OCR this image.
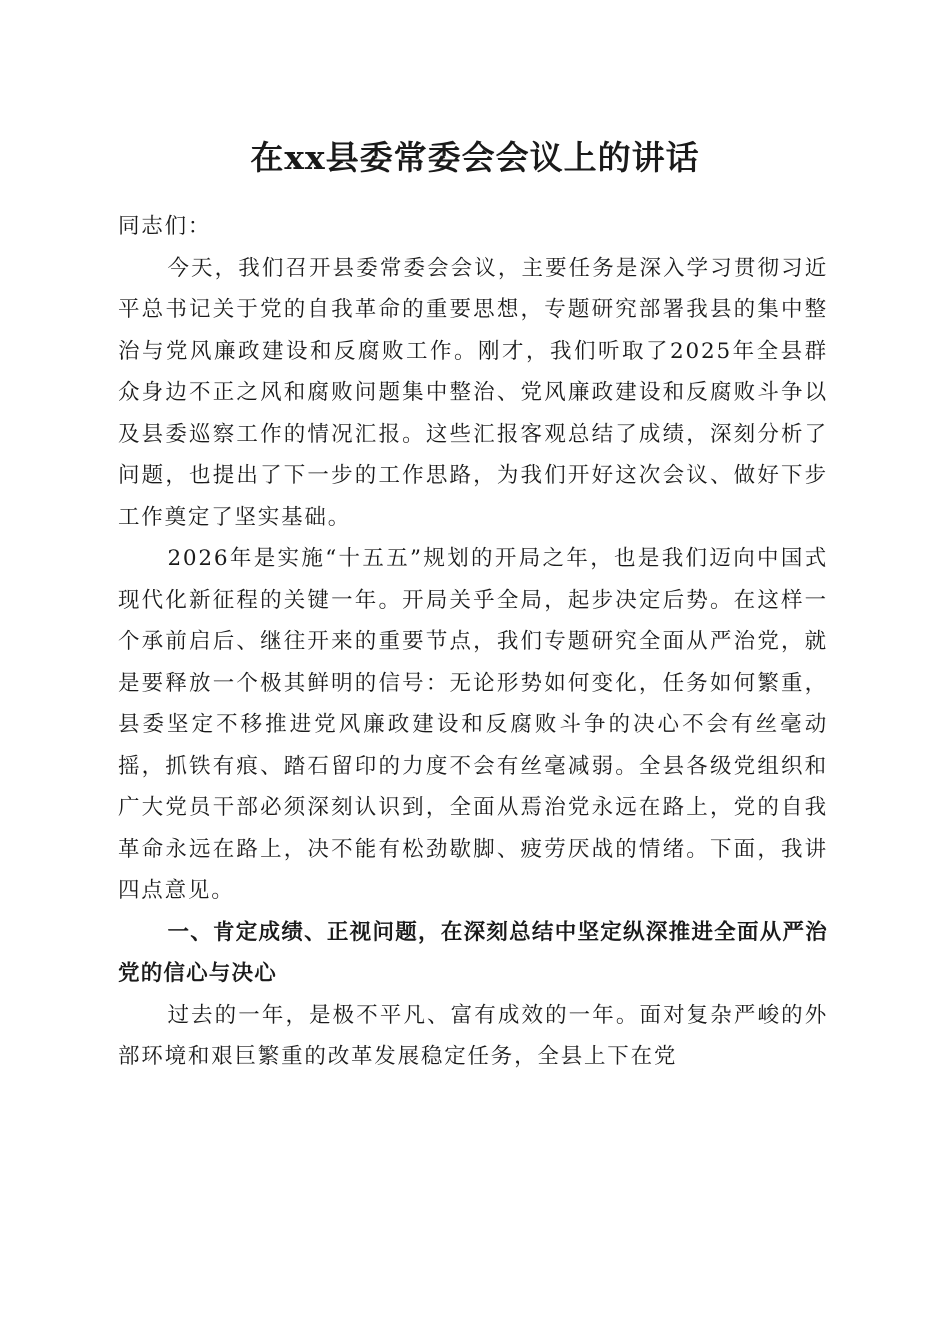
在xx县委常委会会议上的讲话

同志们：

今天，我们召开县委常委会会议，主要任务是深入学习贯彻习近平总书记关于党的自我革命的重要思想，专题研究部署我县的集中整治与党风廉政建设和反腐败工作。刚才，我们听取了2025年全县群众身边不正之风和腐败问题集中整治、党风廉政建设和反腐败斗争以及县委巡察工作的情况汇报。这些汇报客观总结了成绩，深刻分析了问题，也提出了下一步的工作思路，为我们开好这次会议、做好下步工作奠定了坚实基础。

2026年是实施“十五五”规划的开局之年，也是我们迈向中国式现代化新征程的关键一年。开局关乎全局，起步决定后势。在这样一个承前启后、继往开来的重要节点，我们专题研究全面从严治党，就是要释放一个极其鲜明的信号：无论形势如何变化，任务如何繁重，县委坚定不移推进党风廉政建设和反腐败斗争的决心不会有丝毫动摇，抓铁有痕、踏石留印的力度不会有丝毫减弱。全县各级党组织和广大党员干部必须深刻认识到，全面从焉治党永远在路上，党的自我革命永远在路上，决不能有松劲歇脚、疲劳厌战的情绪。下面，我讲四点意见。

一、肯定成绩、正视问题，在深刻总结中坚定纵深推进全面从严治党的信心与决心

过去的一年，是极不平凡、富有成效的一年。面对复杂严峻的外部环境和艰巨繁重的改革发展稳定任务，全县上下在党
